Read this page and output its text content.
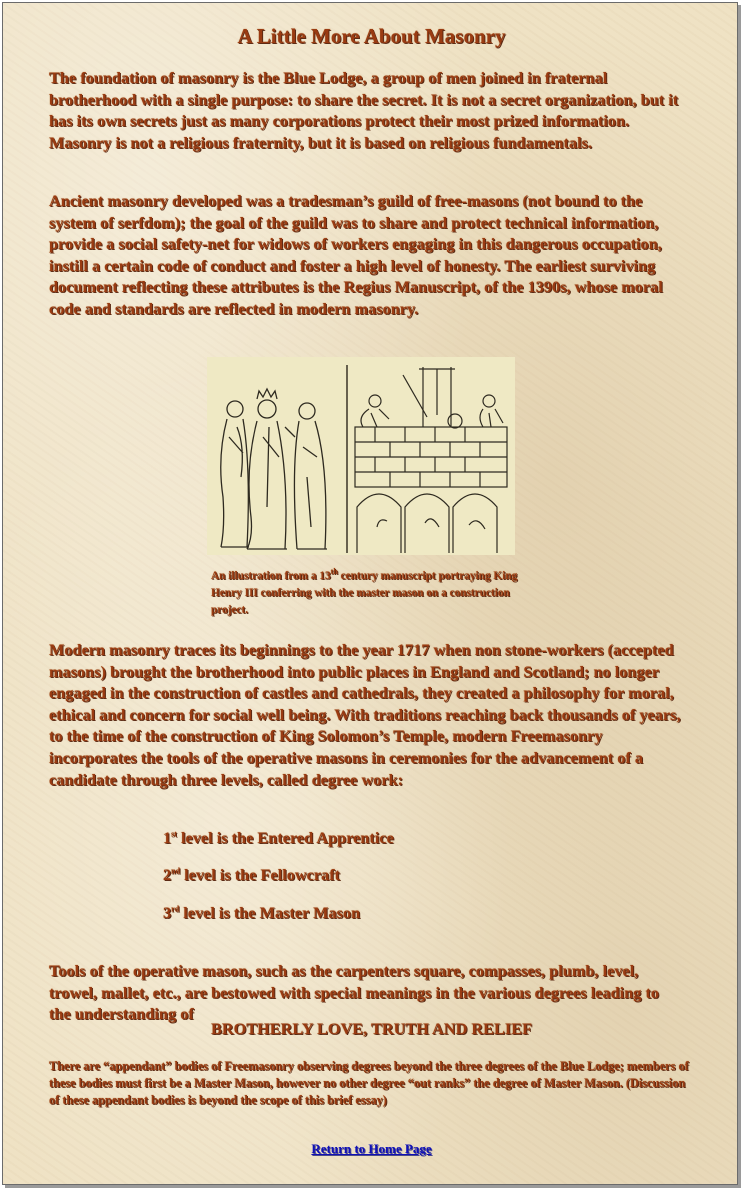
A Little More About Masonry

The foundation of masonry is the Blue Lodge, a group of men joined in fraternal brotherhood with a single purpose: to share the secret. It is not a secret organization, but it has its own secrets just as many corporations protect their most prized information. Masonry is not a religious fraternity, but it is based on religious fundamentals.

Ancient masonry developed was a tradesman’s guild of free-masons (not bound to the system of serfdom); the goal of the guild was to share and protect technical information, provide a social safety-net for widows of workers engaging in this dangerous occupation, instill a certain code of conduct and foster a high level of honesty. The earliest surviving document reflecting these attributes is the Regius Manuscript, of the 1390s, whose moral code and standards are reflected in modern masonry.

An illustration from a 13th century manuscript portraying King Henry III conferring with the master mason on a construction project.

Modern masonry traces its beginnings to the year 1717 when non stone-workers (accepted masons) brought the brotherhood into public places in England and Scotland; no longer engaged in the construction of castles and cathedrals, they created a philosophy for moral, ethical and concern for social well being. With traditions reaching back thousands of years, to the time of the construction of King Solomon’s Temple, modern Freemasonry incorporates the tools of the operative masons in ceremonies for the advancement of a candidate through three levels, called degree work:

1st level is the Entered Apprentice
2nd level is the Fellowcraft
3rd level is the Master Mason

Tools of the operative mason, such as the carpenters square, compasses, plumb, level, trowel, mallet, etc., are bestowed with special meanings in the various degrees leading to the understanding of

BROTHERLY LOVE, TRUTH AND RELIEF

There are “appendant” bodies of Freemasonry observing degrees beyond the three degrees of the Blue Lodge; members of these bodies must first be a Master Mason, however no other degree “out ranks” the degree of Master Mason. (Discussion of these appendant bodies is beyond the scope of this brief essay)

Return to Home Page
